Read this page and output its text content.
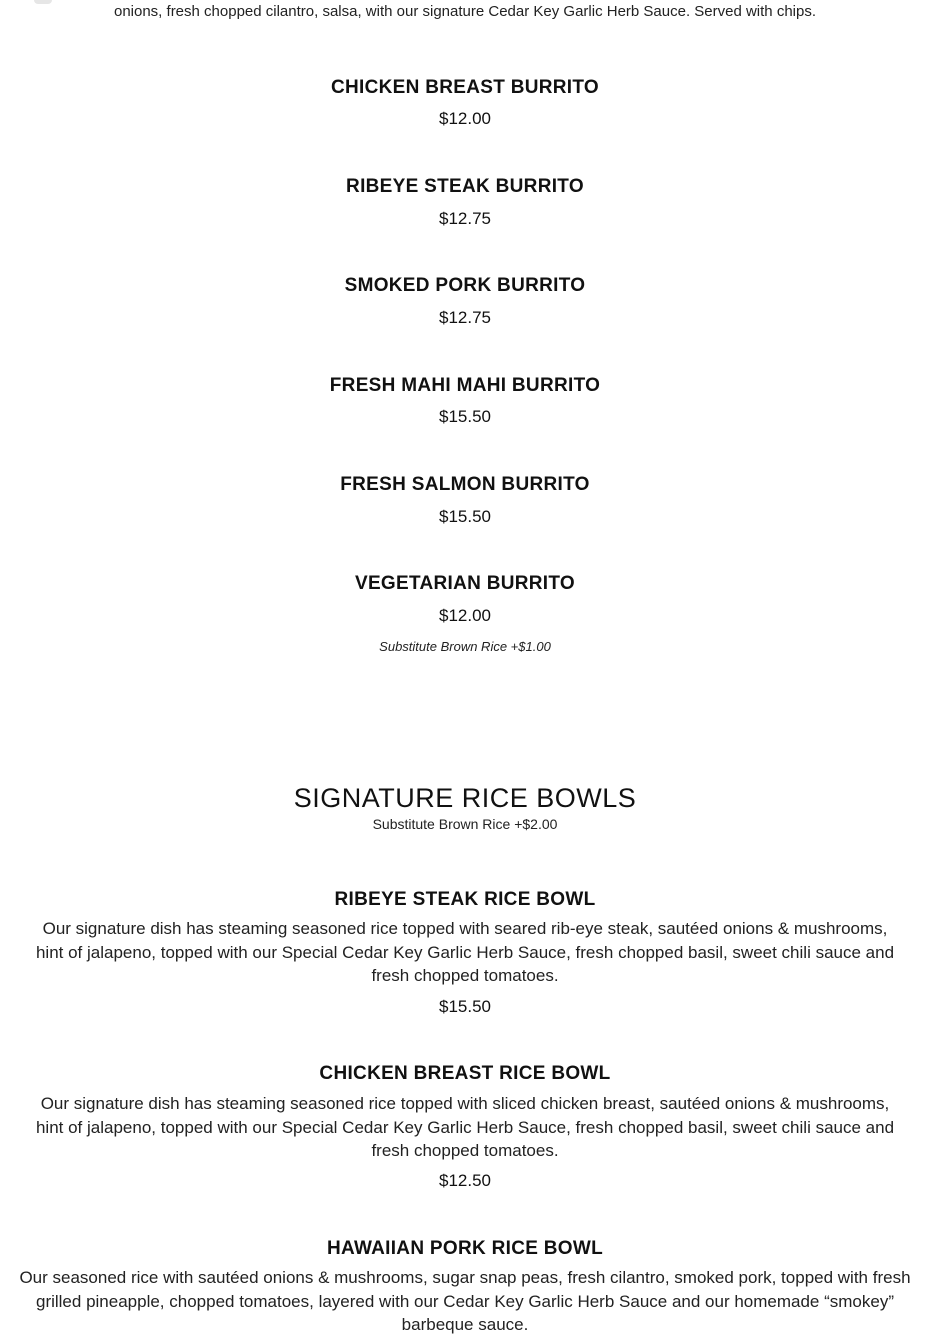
onions, fresh chopped cilantro, salsa, with our signature Cedar Key Garlic Herb Sauce. Served with chips.
CHICKEN BREAST BURRITO
$12.00
RIBEYE STEAK BURRITO
$12.75
SMOKED PORK BURRITO
$12.75
FRESH MAHI MAHI BURRITO
$15.50
FRESH SALMON BURRITO
$15.50
VEGETARIAN BURRITO
$12.00
Substitute Brown Rice +$1.00
SIGNATURE RICE BOWLS
Substitute Brown Rice +$2.00
RIBEYE STEAK RICE BOWL
Our signature dish has steaming seasoned rice topped with seared rib-eye steak, sautéed onions & mushrooms, hint of jalapeno, topped with our Special Cedar Key Garlic Herb Sauce, fresh chopped basil, sweet chili sauce and fresh chopped tomatoes.
$15.50
CHICKEN BREAST RICE BOWL
Our signature dish has steaming seasoned rice topped with sliced chicken breast, sautéed onions & mushrooms, hint of jalapeno, topped with our Special Cedar Key Garlic Herb Sauce, fresh chopped basil, sweet chili sauce and fresh chopped tomatoes.
$12.50
HAWAIIAN PORK RICE BOWL
Our seasoned rice with sautéed onions & mushrooms, sugar snap peas, fresh cilantro, smoked pork, topped with fresh grilled pineapple, chopped tomatoes, layered with our Cedar Key Garlic Herb Sauce and our homemade “smokey” barbeque sauce.
